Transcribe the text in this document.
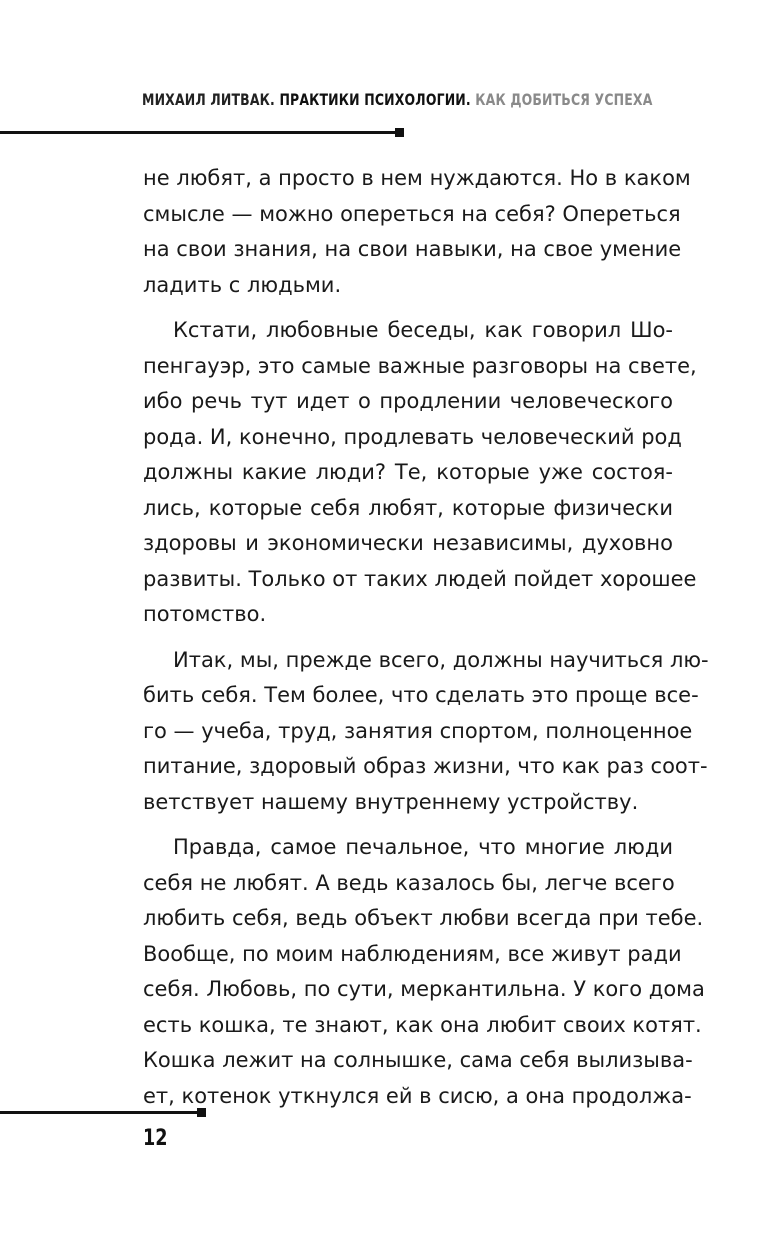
МИХАИЛ ЛИТВАК. ПРАКТИКИ ПСИХОЛОГИИ. КАК ДОБИТЬСЯ УСПЕХА
не любят, а просто в нем нуждаются. Но в каком
смысле — можно опереться на себя? Опереться
на свои знания, на свои навыки, на свое умение
ладить с людьми.
Кстати, любовные беседы, как говорил Шо-
пенгауэр, это самые важные разговоры на свете,
ибо речь тут идет о продлении человеческого
рода. И, конечно, продлевать человеческий род
должны какие люди? Те, которые уже состоя-
лись, которые себя любят, которые физически
здоровы и экономически независимы, духовно
развиты. Только от таких людей пойдет хорошее
потомство.
Итак, мы, прежде всего, должны научиться лю-
бить себя. Тем более, что сделать это проще все-
го — учеба, труд, занятия спортом, полноценное
питание, здоровый образ жизни, что как раз соот-
ветствует нашему внутреннему устройству.
Правда, самое печальное, что многие люди
себя не любят. А ведь казалось бы, легче всего
любить себя, ведь объект любви всегда при тебе.
Вообще, по моим наблюдениям, все живут ради
себя. Любовь, по сути, меркантильна. У кого дома
есть кошка, те знают, как она любит своих котят.
Кошка лежит на солнышке, сама себя вылизыва-
ет, котенок уткнулся ей в сисю, а она продолжа-
12
